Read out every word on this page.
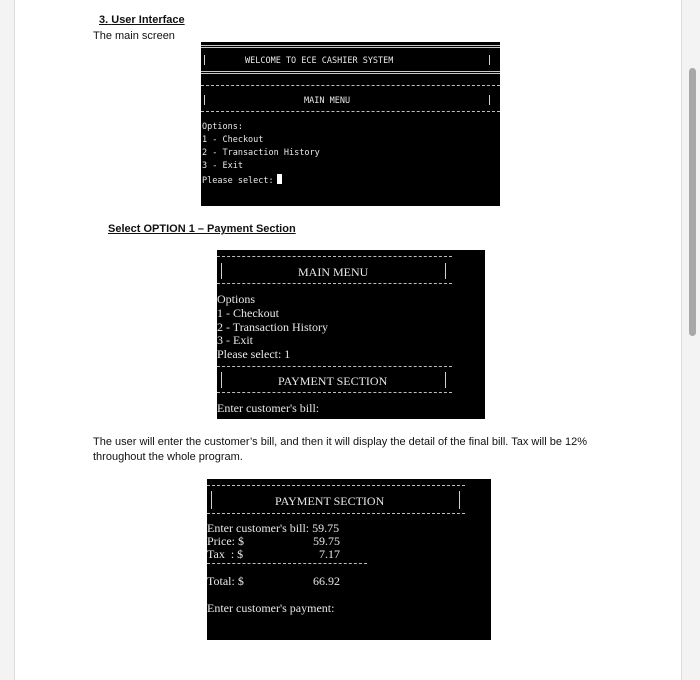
3. User Interface
The main screen
WELCOME TO ECE CASHIER SYSTEM
MAIN MENU
Options:
1 - Checkout
2 - Transaction History
3 - Exit
Please select:
Select OPTION 1 – Payment Section
MAIN MENU
Options
1 - Checkout
2 - Transaction History
3 - Exit
Please select: 1
PAYMENT SECTION
Enter customer's bill:
The user will enter the customer’s bill, and then it will display the detail of the final bill. Tax will be 12%
throughout the whole program.
PAYMENT SECTION
Enter customer's bill: 59.75
Price: $	59.75
Tax  : $	7.17
Total: $	66.92
Enter customer's payment:
